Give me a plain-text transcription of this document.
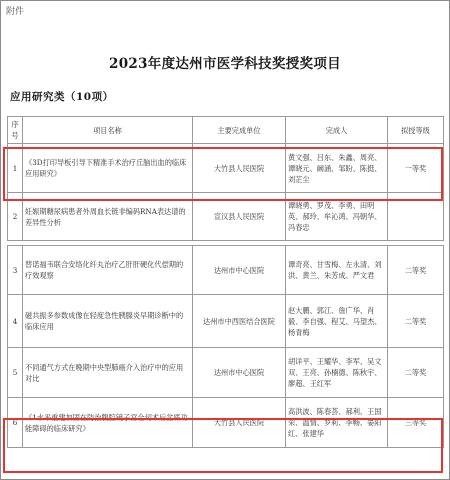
附件
2023年度达州市医学科技奖授奖项目
应用研究类（10项）
序号	项目名称	主要完成单位	完成人	拟授等级
1	《3D打印导板引导下精准手术治疗丘脑出血的临床应用研究》	大竹县人民医院	黄文强、吕东、朱鑫、周亮、谭晓元、阚涵、邹盼、陈挺、刘芷尘	一等奖
2	妊娠期糖尿病患者外周血长链非编码RNA表达谱的差异性分析	宣汉县人民医院	谭晓勇、罗茂、李勇、田明英、郝玲、牟沁鸿、冯朝华、冯春忠	

3	替诺福韦联合安络化纤丸治疗乙肝肝硬化代偿期的疗效观察	达州市中心医院	谭奇亮、甘雪梅、左永清、刘洪、黄兰、朱芳成、严文君	二等奖
4	磁共振多参数成像在轻度急性胰腺炎早期诊断中的临床应用	达州市中西医结合医院	赵大鹏、郭江、詹广华、肖毅、李自强、程艾、马望杰、杨青梅	二等奖
5	不同通气方式在晚期中央型肺癌介入治疗中的应用对比	达州市中心医院	胡详平、王耀华、李军、吴文双、王亮、孙楠德、陈秋宇、廖超、王红军	二等奖
6	《1水平重建加固在防治腹腔镜子宫全切术后盆底功能障碍的临床研究》	大竹县人民医院	高洪波、陈春荟、郝利、王国荣、温情、罗莉、李畅、晏阳红、张建华	三等奖
